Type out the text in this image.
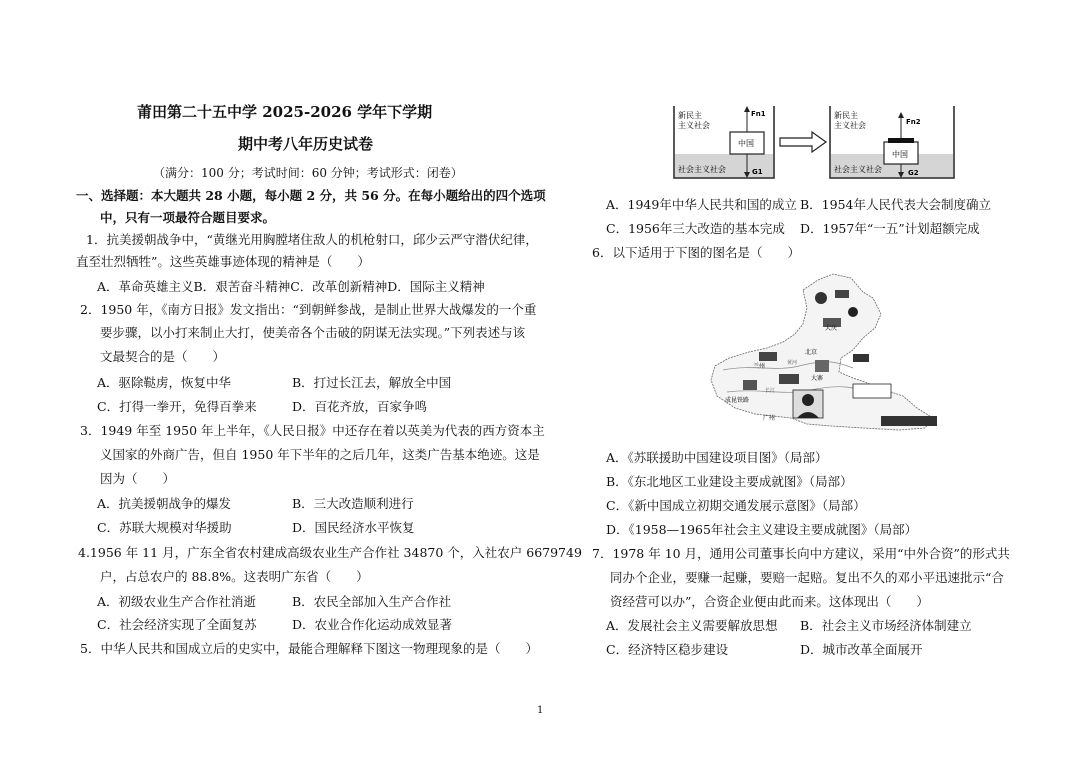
莆田第二十五中学 2025-2026 学年下学期
期中考八年历史试卷
（满分：100 分；考试时间：60 分钟；考试形式：闭卷）
一、选择题：本大题共 28 小题，每小题 2 分，共 56 分。在每小题给出的四个选项
中，只有一项最符合题目要求。
1．抗美援朝战争中，“黄继光用胸膛堵住敌人的机枪射口，邱少云严守潜伏纪律，
直至壮烈牺牲”。这些英雄事迹体现的精神是（　　）
A．革命英雄主义B．艰苦奋斗精神C．改革创新精神D．国际主义精神
2．1950 年，《南方日报》发文指出：“到朝鲜参战，是制止世界大战爆发的一个重
要步骤，以小打来制止大打，使美帝各个击破的阴谋无法实现。”下列表述与该
文最契合的是（　　）
A．驱除鞑虏，恢复中华	B．打过长江去，解放全中国
C．打得一拳开，免得百拳来	D．百花齐放，百家争鸣
3．1949 年至 1950 年上半年，《人民日报》中还存在着以英美为代表的西方资本主
义国家的外商广告，但自 1950 年下半年的之后几年，这类广告基本绝迹。这是
因为（　　）
A．抗美援朝战争的爆发	B．三大改造顺利进行
C．苏联大规模对华援助	D．国民经济水平恢复
4.1956 年 11 月，广东全省农村建成高级农业生产合作社 34870 个，入社农户 6679749
户，占总农户的 88.8%。这表明广东省（　　）
A．初级农业生产合作社消逝	B．农民全部加入生产合作社
C．社会经济实现了全面复苏	D．农业合作化运动成效显著
5．中华人民共和国成立后的史实中，最能合理解释下图这一物理现象的是（　　）
新民主
主义社会
社会主义社会
中国
Fn1
G1
新民主
主义社会
社会主义社会
中国
Fn2
G2
A．1949年中华人民共和国的成立 B．1954年人民代表大会制度确立
C．1956年三大改造的基本完成 D．1957年“一五”计划超额完成
6．以下适用于下图的图名是（　　）
大庆
北京
大寨
兰州
成昆铁路
广州
黄河
长江
A．《苏联援助中国建设项目图》（局部）
B．《东北地区工业建设主要成就图》（局部）
C．《新中国成立初期交通发展示意图》（局部）
D．《1958—1965年社会主义建设主要成就图》（局部）
7．1978 年 10 月，通用公司董事长向中方建议，采用“中外合资”的形式共
同办个企业，要赚一起赚，要赔一起赔。复出不久的邓小平迅速批示“合
资经营可以办”，合资企业便由此而来。这体现出（　　）
A．发展社会主义需要解放思想 B．社会主义市场经济体制建立
C．经济特区稳步建设	D．城市改革全面展开
1
